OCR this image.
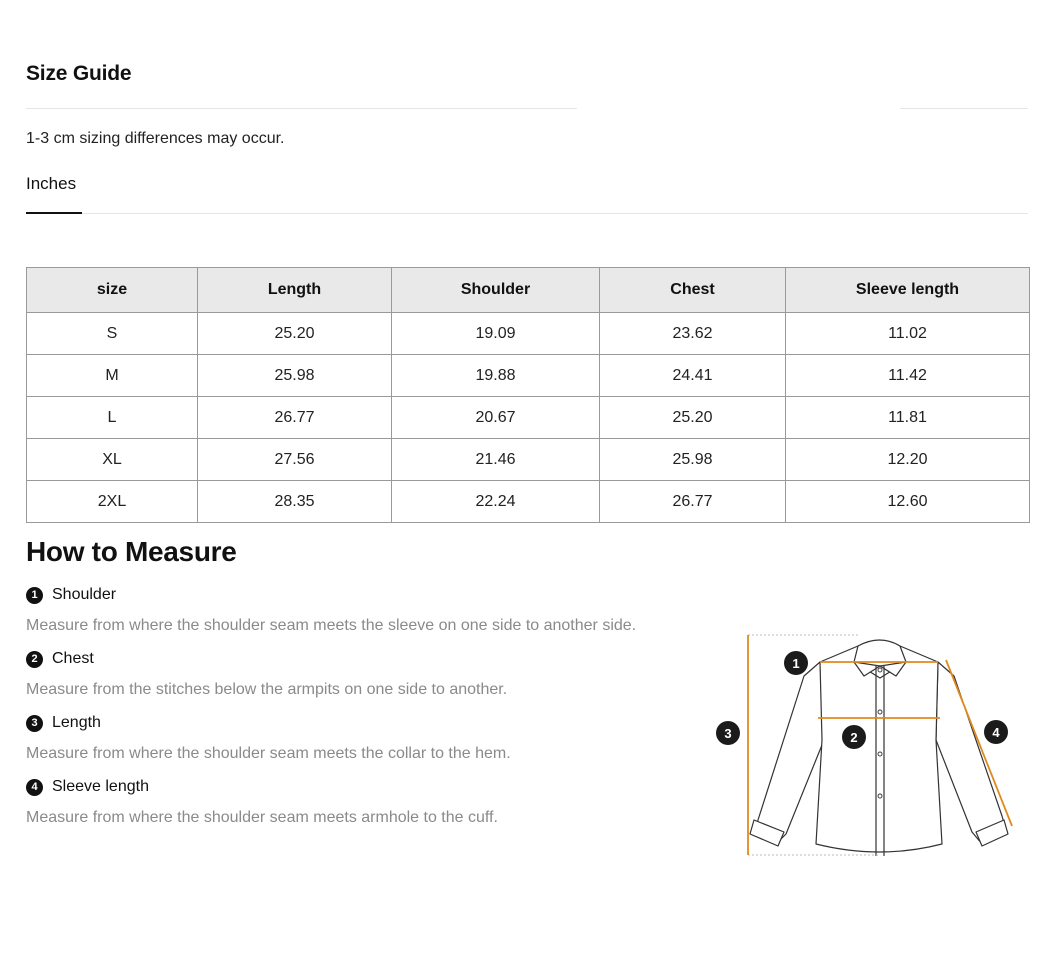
Size Guide
1-3 cm sizing differences may occur.
Inches
size	Length	Shoulder	Chest	Sleeve length
S	25.20	19.09	23.62	11.02
M	25.98	19.88	24.41	11.42
L	26.77	20.67	25.20	11.81
XL	27.56	21.46	25.98	12.20
2XL	28.35	22.24	26.77	12.60
How to Measure
1 Shoulder
Measure from where the shoulder seam meets the sleeve on one side to another side.
2 Chest
Measure from the stitches below the armpits on one side to another.
3 Length
Measure from where the shoulder seam meets the collar to the hem.
4 Sleeve length
Measure from where the shoulder seam meets armhole to the cuff.
1
2
3	4
